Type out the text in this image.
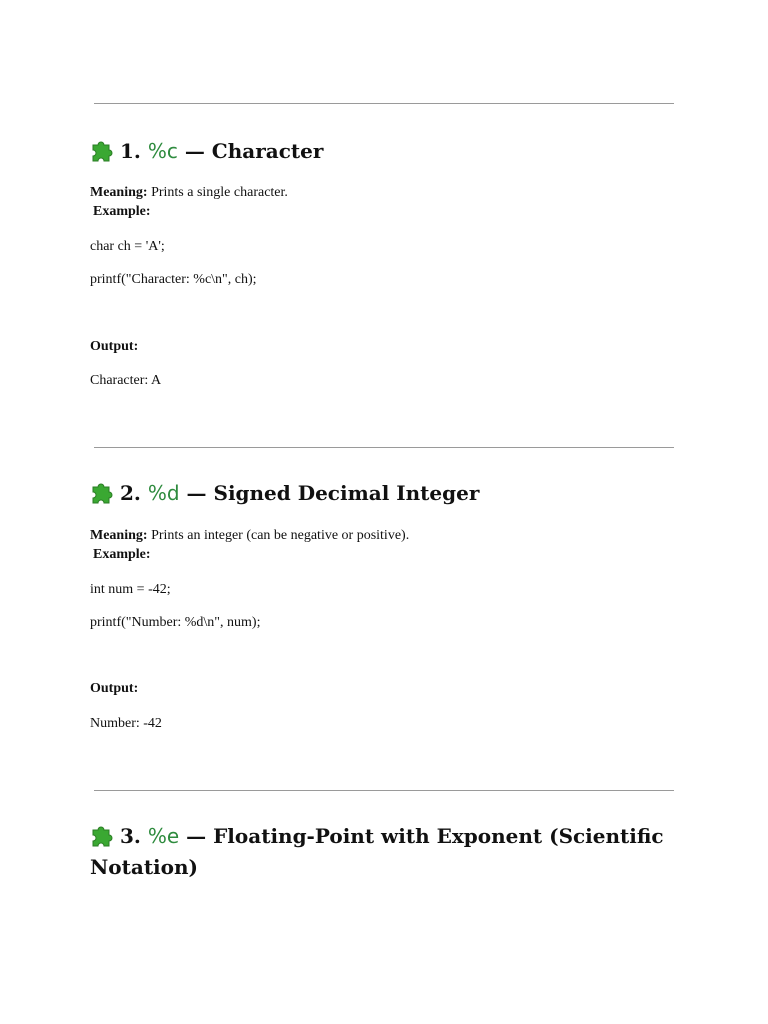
1. %c — Character
Meaning: Prints a single character.
Example:
char ch = 'A';
printf("Character: %c\n", ch);
Output:
Character: A
2. %d — Signed Decimal Integer
Meaning: Prints an integer (can be negative or positive).
Example:
int num = -42;
printf("Number: %d\n", num);
Output:
Number: -42
3. %e — Floating-Point with Exponent (Scientific
Notation)
